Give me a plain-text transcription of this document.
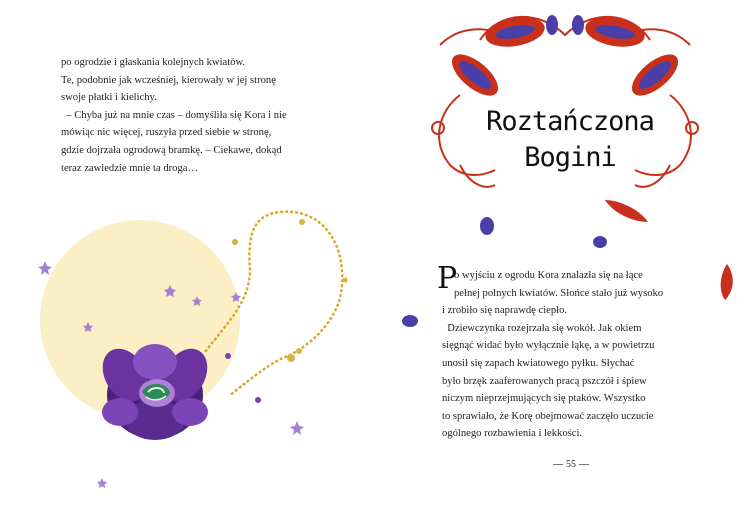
po ogrodzie i głaskania kolejnych kwiatów.

Te, podobnie jak wcześniej, kierowały w jej stronę

swoje płatki i kielichy.

– Chyba już na mnie czas – domyśliła się Kora i nie

mówiąc nic więcej, ruszyła przed siebie w stronę,

gdzie dojrzała ogrodową bramkę. – Ciekawe, dokąd

teraz zawiedzie mnie ta droga…

Roztańczona
Bogini
P

o wyjściu z ogrodu Kora znalazła się na łące

pełnej polnych kwiatów. Słońce stało już wysoko

i zrobiło się naprawdę ciepło.

Dziewczynka rozejrzała się wokół. Jak okiem

sięgnąć widać było wyłącznie łąkę, a w powietrzu

unosił się zapach kwiatowego pyłku. Słychać

było brzęk zaaferowanych pracą pszczół i śpiew

niczym nieprzejmujących się ptaków. Wszystko

to sprawiało, że Korę obejmować zaczęło uczucie

ogólnego rozbawienia i lekkości.

55
